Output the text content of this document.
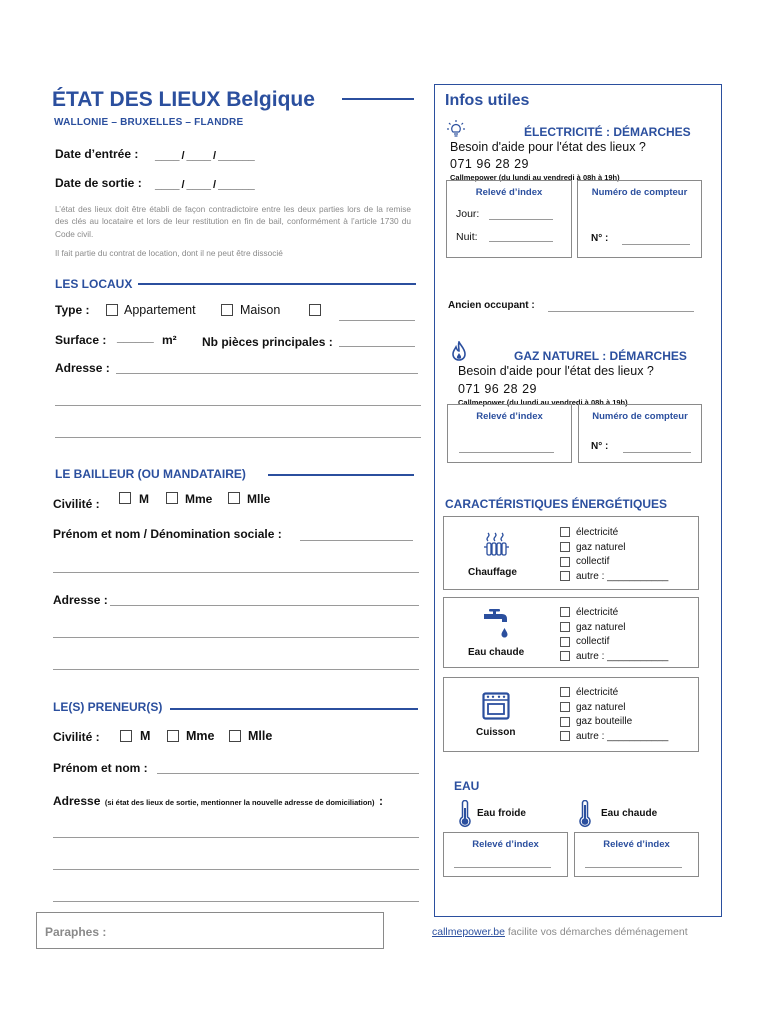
ÉTAT DES LIEUX Belgique
WALLONIE – BRUXELLES – FLANDRE
Date d’entrée : ____ / ____ / ______
Date de sortie : ____ / ____ / ______
L’état des lieux doit être établi de façon contradictoire entre les deux parties lors de la remise des clés au locataire et lors de leur restitution en fin de bail, conformément à l’article 1730 du Code civil.
Il fait partie du contrat de location, dont il ne peut être dissocié
LES LOCAUX
Type :	Appartement	Maison
Surface : ______ m² Nb pièces principales :
Adresse :
LE BAILLEUR (OU MANDATAIRE)
Civilité :	M	Mme	Mlle
Prénom et nom / Dénomination sociale :
Adresse :
LE(S) PRENEUR(S)
Civilité :	M	Mme	Mlle
Prénom et nom :
Adresse (si état des lieux de sortie, mentionner la nouvelle adresse de domiciliation) :
Paraphes :
Infos utiles
ÉLECTRICITÉ : DÉMARCHES
Besoin d'aide pour l'état des lieux ?
071 96 28 29
Callmepower (du lundi au vendredi à 08h à 19h)
Relevé d’index
Jour:
Nuit:
Numéro de compteur
N° :
Ancien occupant :
GAZ NATUREL : DÉMARCHES
Besoin d'aide pour l'état des lieux ?
071 96 28 29
Callmepower (du lundi au vendredi à 08h à 19h)
Relevé d’index	Numéro de compteur
N° :
CARACTÉRISTIQUES ÉNERGÉTIQUES
Chauffage
électricité
gaz naturel
collectif
autre : ___________
Eau chaude
électricité
gaz naturel
collectif
autre : ___________
Cuisson
électricité
gaz naturel
gaz bouteille
autre : ___________
EAU
Eau froide	Eau chaude
Relevé d’index	Relevé d’index
callmepower.be facilite vos démarches déménagement
